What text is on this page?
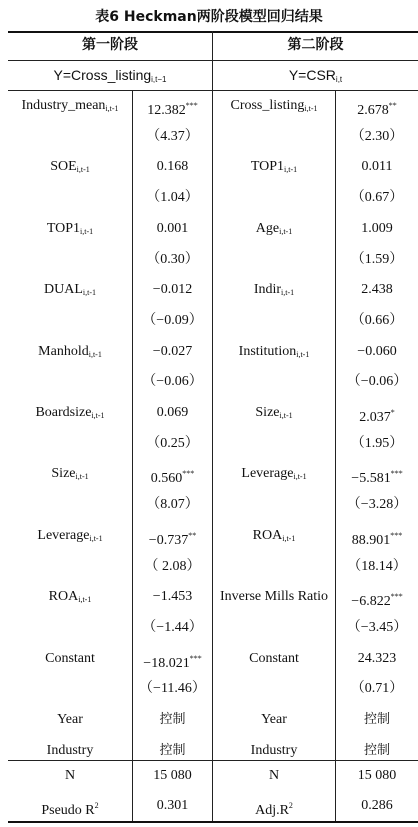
表6 Heckman两阶段模型回归结果
第一阶段	第二阶段
Y=Cross_listing$_{i,t-1}$	$Y=CSR_{i,t}$
Industry_mean$_{i,t-1}$	12.382***	Cross_listing$_{i,t-1}$	2.678**
（4.37）	（2.30）
$SOE_{i,t-1}$	0.168	$TOP1_{i,t-1}$	0.011
（1.04）	（0.67）
$TOP1_{i,t-1}$	0.001	Age$_{i,t-1}$	1.009
（0.30）	（1.59）
$DUAL_{i,t-1}$	−0.012	Indir$_{i,t-1}$	2.438
（−0.09）	（0.66）
Manhold$_{i,t-1}$	−0.027	Institution$_{i,t-1}$	−0.060
（−0.06）	（−0.06）
Boardsize$_{i,t-1}$	0.069	Size$_{i,t-1}$	2.037*
（0.25）	（1.95）
Size$_{i,t-1}$	0.560***	Leverage$_{i,t-1}$	−5.581***
（8.07）	（−3.28）
Leverage$_{i,t-1}$	−0.737**	$ROA_{i,t-1}$	88.901***
（ 2.08）	（18.14）
$ROA_{i,t-1}$	−1.453	Inverse Mills Ratio	−6.822***
（−1.44）	（−3.45）
Constant	−18.021***	Constant	24.323
（−11.46）	（0.71）
Year	控制	Year	控制
Industry	控制	Industry	控制
N	15 080	N	15 080
Pseudo $R^2$	0.301	$Adj.R^2$	0.286
